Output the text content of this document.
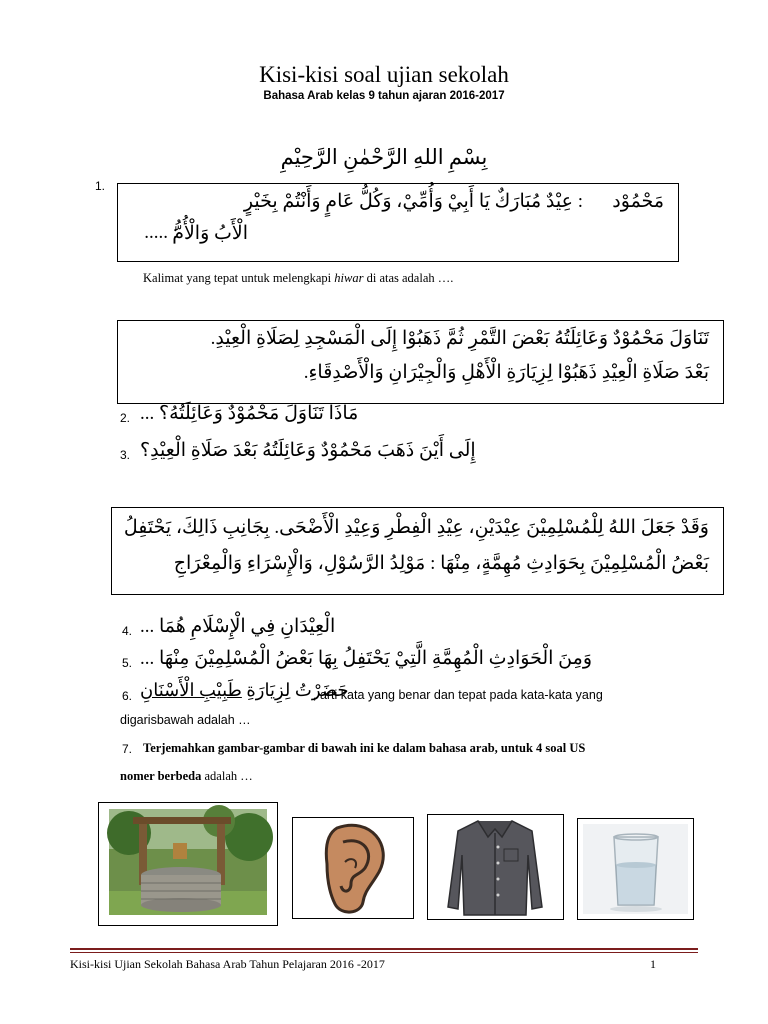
Kisi-kisi soal ujian sekolah
Bahasa Arab kelas 9 tahun ajaran 2016-2017
بِسْمِ اللهِ الرَّحْمٰنِ الرَّحِيْمِ
1.
مَحْمُوْد
: عِيْدٌ مُبَارَكٌ يَا أَبِيْ وَأُمِّيْ، وَكُلُّ عَامٍ وَأَنْتُمْ بِخَيْرٍ
الْأَبُ وَالْأُمُّ
: .....
Kalimat yang tepat untuk melengkapi hiwar di atas adalah ….
تَنَاوَلَ مَحْمُوْدٌ وَعَائِلَتُهُ بَعْضَ التَّمْرِ ثُمَّ ذَهَبُوْا إِلَى الْمَسْجِدِ لِصَلَاةِ الْعِيْدِ.
بَعْدَ صَلَاةِ الْعِيْدِ ذَهَبُوْا لِزِيَارَةِ الْأَهْلِ وَالْجِيْرَانِ وَالْأَصْدِقَاءِ.
2. مَاذَا تَنَاوَلَ مَحْمُوْدٌ وَعَائِلَتُهُ؟ ...
3. إِلَى أَيْنَ ذَهَبَ مَحْمُوْدٌ وَعَائِلَتُهُ بَعْدَ صَلَاةِ الْعِيْدِ؟
وَقَدْ جَعَلَ اللهُ لِلْمُسْلِمِيْنَ عِيْدَيْنِ، عِيْدِ الْفِطْرِ وَعِيْدِ الْأَضْحَى. بِجَانِبِ ذَالِكَ، يَحْتَفِلُ
بَعْضُ الْمُسْلِمِيْنَ بِحَوَادِثِ مُهِمَّةٍ، مِنْهَا : مَوْلِدُ الرَّسُوْلِ، وَالْإِسْرَاءِ وَالْمِعْرَاجِ
4. الْعِيْدَانِ فِي الْإِسْلَامِ هُمَا ...
5. وَمِنَ الْحَوَادِثِ الْمُهِمَّةِ الَّتِيْ يَحْتَفِلُ بِهَا بَعْضُ الْمُسْلِمِيْنَ مِنْهَا ...
6.	حَضَرْتُ لِزِيَارَةِ طَبِيْبِ الْأَسْنَانِ	, arti kata yang benar dan tepat pada kata-kata yang
digarisbawah adalah …
7. Terjemahkan gambar-gambar di bawah ini ke dalam bahasa arab, untuk 4 soal US
nomer berbeda adalah …
Kisi-kisi Ujian Sekolah Bahasa Arab Tahun Pelajaran 2016 -2017	1
